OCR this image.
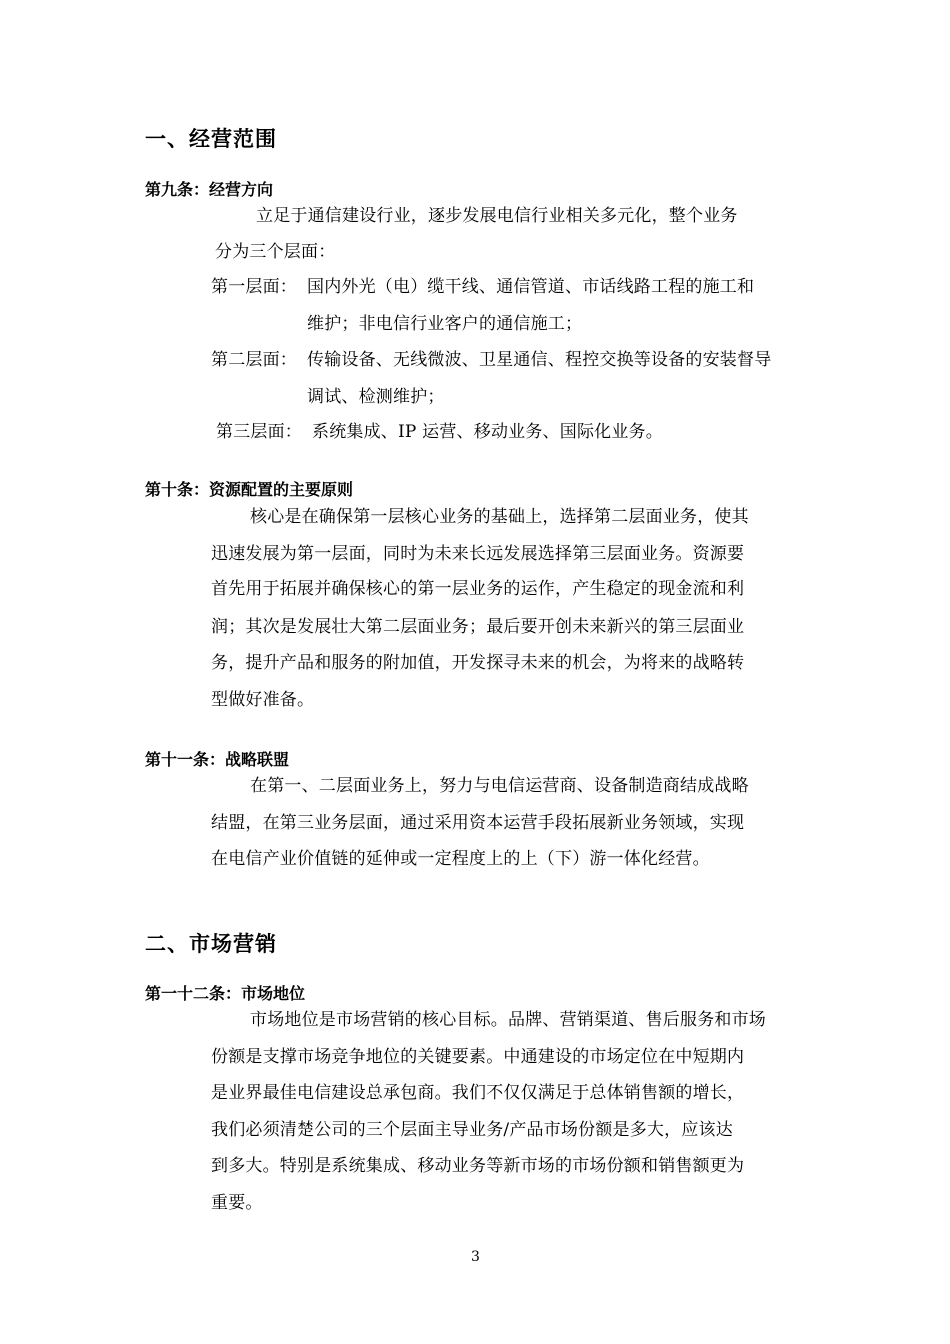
一、经营范围
第九条：经营方向
立足于通信建设行业，逐步发展电信行业相关多元化，整个业务
分为三个层面：
第一层面： 国内外光（电）缆干线、通信管道、市话线路工程的施工和
维护；非电信行业客户的通信施工；
第二层面： 传输设备、无线微波、卫星通信、程控交换等设备的安装督导
调试、检测维护；
第三层面： 系统集成、IP 运营、移动业务、国际化业务。
第十条：资源配置的主要原则
核心是在确保第一层核心业务的基础上，选择第二层面业务，使其
迅速发展为第一层面，同时为未来长远发展选择第三层面业务。资源要
首先用于拓展并确保核心的第一层业务的运作，产生稳定的现金流和利
润；其次是发展壮大第二层面业务；最后要开创未来新兴的第三层面业
务，提升产品和服务的附加值，开发探寻未来的机会，为将来的战略转
型做好准备。
第十一条：战略联盟
在第一、二层面业务上，努力与电信运营商、设备制造商结成战略
结盟，在第三业务层面，通过采用资本运营手段拓展新业务领域，实现
在电信产业价值链的延伸或一定程度上的上（下）游一体化经营。
二、市场营销
第一十二条：市场地位
市场地位是市场营销的核心目标。品牌、营销渠道、售后服务和市场
份额是支撑市场竞争地位的关键要素。中通建设的市场定位在中短期内
是业界最佳电信建设总承包商。我们不仅仅满足于总体销售额的增长，
我们必须清楚公司的三个层面主导业务/产品市场份额是多大，应该达
到多大。特别是系统集成、移动业务等新市场的市场份额和销售额更为
重要。
3
